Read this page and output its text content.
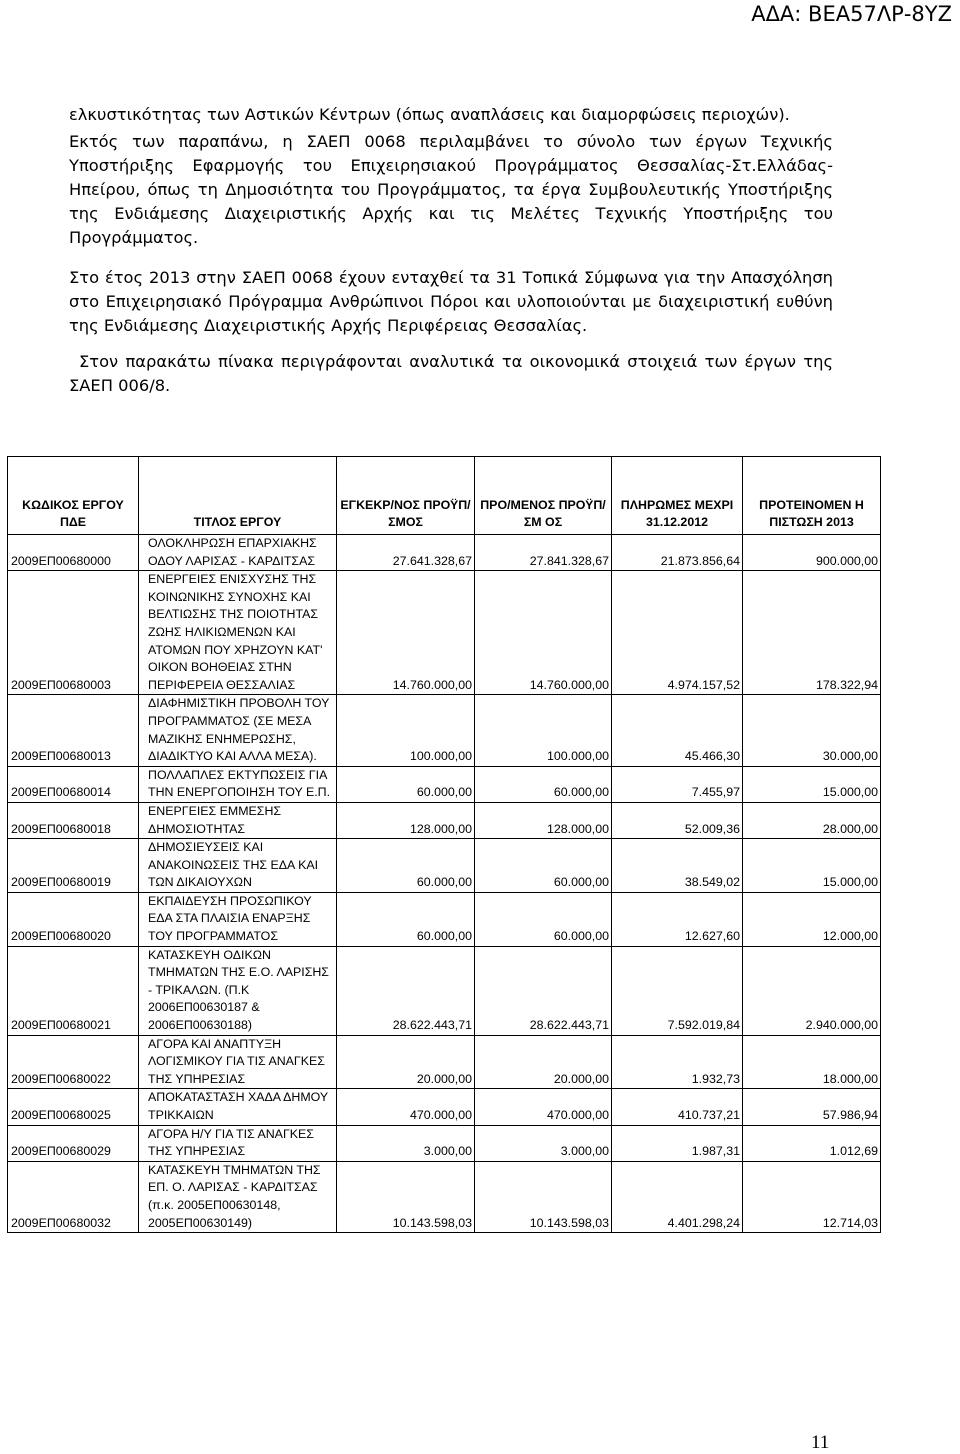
ΑΔΑ: ΒΕΑ57ΛΡ-8ΥΖ

ελκυστικότητας των Αστικών Κέντρων (όπως αναπλάσεις και διαμορφώσεις περιοχών).

Εκτός των παραπάνω, η ΣΑΕΠ 0068 περιλαμβάνει το σύνολο των έργων Τεχνικής Υποστήριξης Εφαρμογής του Επιχειρησιακού Προγράμματος Θεσσαλίας-Στ.Ελλάδας-Ηπείρου, όπως τη Δημοσιότητα του Προγράμματος, τα έργα Συμβουλευτικής Υποστήριξης της Ενδιάμεσης Διαχειριστικής Αρχής και τις Μελέτες Τεχνικής Υποστήριξης του Προγράμματος.

Στο έτος 2013 στην ΣΑΕΠ 0068 έχουν ενταχθεί τα 31 Τοπικά Σύμφωνα για την Απασχόληση στο Επιχειρησιακό Πρόγραμμα Ανθρώπινοι Πόροι και υλοποιούνται με διαχειριστική ευθύνη της Ενδιάμεσης Διαχειριστικής Αρχής Περιφέρειας Θεσσαλίας.

Στον παρακάτω πίνακα περιγράφονται αναλυτικά τα οικονομικά στοιχειά των έργων της ΣΑΕΠ 006/8.

ΚΩΔΙΚΟΣ ΕΡΓΟΥ ΠΔΕ	ΤΙΤΛΟΣ ΕΡΓΟΥ	ΕΓΚΕΚΡ/ΝΟΣ ΠΡΟΫΠ/ΣΜΟΣ	ΠΡΟ/ΜΕΝΟΣ ΠΡΟΫΠ/ΣΜ ΟΣ	ΠΛΗΡΩΜΕΣ ΜΕΧΡΙ 31.12.2012	ΠΡΟΤΕΙΝΟΜΕΝ Η ΠΙΣΤΩΣΗ 2013
2009ΕΠ00680000	ΟΛΟΚΛΗΡΩΣΗ ΕΠΑΡΧΙΑΚΗΣ ΟΔΟΥ ΛΑΡΙΣΑΣ - ΚΑΡΔΙΤΣΑΣ	27.641.328,67	27.841.328,67	21.873.856,64	900.000,00
2009ΕΠ00680003	ΕΝΕΡΓΕΙΕΣ ΕΝΙΣΧΥΣΗΣ ΤΗΣ ΚΟΙΝΩΝΙΚΗΣ ΣΥΝΟΧΗΣ ΚΑΙ ΒΕΛΤΙΩΣΗΣ ΤΗΣ ΠΟΙΟΤΗΤΑΣ ΖΩΗΣ ΗΛΙΚΙΩΜΕΝΩΝ ΚΑΙ ΑΤΟΜΩΝ ΠΟΥ ΧΡΗΖΟΥΝ ΚΑΤ' ΟΙΚΟΝ ΒΟΗΘΕΙΑΣ ΣΤΗΝ ΠΕΡΙΦΕΡΕΙΑ ΘΕΣΣΑΛΙΑΣ	14.760.000,00	14.760.000,00	4.974.157,52	178.322,94
2009ΕΠ00680013	ΔΙΑΦΗΜΙΣΤΙΚΗ ΠΡΟΒΟΛΗ ΤΟΥ ΠΡΟΓΡΑΜΜΑΤΟΣ (ΣΕ ΜΕΣΑ ΜΑΖΙΚΗΣ ΕΝΗΜΕΡΩΣΗΣ, ΔΙΑΔΙΚΤΥΟ ΚΑΙ ΑΛΛΑ ΜΕΣΑ).	100.000,00	100.000,00	45.466,30	30.000,00
2009ΕΠ00680014	ΠΟΛΛΑΠΛΕΣ ΕΚΤΥΠΩΣΕΙΣ ΓΙΑ ΤΗΝ ΕΝΕΡΓΟΠΟΙΗΣΗ ΤΟΥ Ε.Π.	60.000,00	60.000,00	7.455,97	15.000,00
2009ΕΠ00680018	ΕΝΕΡΓΕΙΕΣ ΕΜΜΕΣΗΣ ΔΗΜΟΣΙΟΤΗΤΑΣ	128.000,00	128.000,00	52.009,36	28.000,00
2009ΕΠ00680019	ΔΗΜΟΣΙΕΥΣΕΙΣ ΚΑΙ ΑΝΑΚΟΙΝΩΣΕΙΣ ΤΗΣ ΕΔΑ ΚΑΙ ΤΩΝ ΔΙΚΑΙΟΥΧΩΝ	60.000,00	60.000,00	38.549,02	15.000,00
2009ΕΠ00680020	ΕΚΠΑΙΔΕΥΣΗ ΠΡΟΣΩΠΙΚΟΥ ΕΔΑ ΣΤΑ ΠΛΑΙΣΙΑ ΕΝΑΡΞΗΣ ΤΟΥ ΠΡΟΓΡΑΜΜΑΤΟΣ	60.000,00	60.000,00	12.627,60	12.000,00
2009ΕΠ00680021	ΚΑΤΑΣΚΕΥΗ ΟΔΙΚΩΝ ΤΜΗΜΑΤΩΝ ΤΗΣ Ε.Ο. ΛΑΡΙΣΗΣ - ΤΡΙΚΑΛΩΝ. (Π.Κ 2006ΕΠ00630187 & 2006ΕΠ00630188)	28.622.443,71	28.622.443,71	7.592.019,84	2.940.000,00
2009ΕΠ00680022	ΑΓΟΡΑ ΚΑΙ ΑΝΑΠΤΥΞΗ ΛΟΓΙΣΜΙΚΟΥ ΓΙΑ ΤΙΣ ΑΝΑΓΚΕΣ ΤΗΣ ΥΠΗΡΕΣΙΑΣ	20.000,00	20.000,00	1.932,73	18.000,00
2009ΕΠ00680025	ΑΠΟΚΑΤΑΣΤΑΣΗ ΧΑΔΑ ΔΗΜΟΥ ΤΡΙΚΚΑΙΩΝ	470.000,00	470.000,00	410.737,21	57.986,94
2009ΕΠ00680029	ΑΓΟΡΑ Η/Υ ΓΙΑ ΤΙΣ ΑΝΑΓΚΕΣ ΤΗΣ ΥΠΗΡΕΣΙΑΣ	3.000,00	3.000,00	1.987,31	1.012,69
2009ΕΠ00680032	ΚΑΤΑΣΚΕΥΗ ΤΜΗΜΑΤΩΝ ΤΗΣ ΕΠ. Ο. ΛΑΡΙΣΑΣ - ΚΑΡΔΙΤΣΑΣ (π.κ. 2005ΕΠ00630148, 2005ΕΠ00630149)	10.143.598,03	10.143.598,03	4.401.298,24	12.714,03
11
